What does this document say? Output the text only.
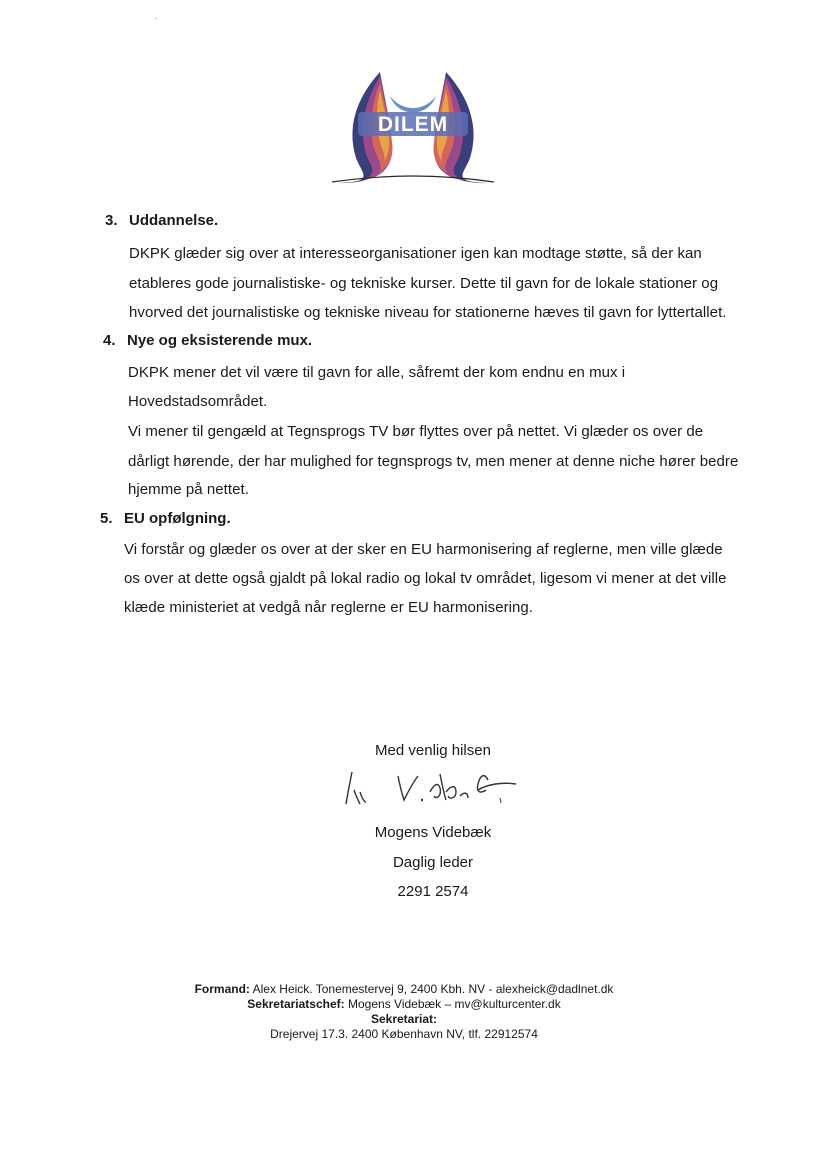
DILEM

3. Uddannelse.

DKPK glæder sig over at interesseorganisationer igen kan modtage støtte, så der kan

etableres gode journalistiske- og tekniske kurser. Dette til gavn for de lokale stationer og

hvorved det journalistiske og tekniske niveau for stationerne hæves til gavn for lyttertallet.

4. Nye og eksisterende mux.

DKPK mener det vil være til gavn for alle, såfremt der kom endnu en mux i

Hovedstadsområdet.

Vi mener til gengæld at Tegnsprogs TV bør flyttes over på nettet. Vi glæder os over de

dårligt hørende, der har mulighed for tegnsprogs tv, men mener at denne niche hører bedre

hjemme på nettet.

5. EU opfølgning.

Vi forstår og glæder os over at der sker en EU harmonisering af reglerne, men ville glæde

os over at dette også gjaldt på lokal radio og lokal tv området, ligesom vi mener at det ville

klæde ministeriet at vedgå når reglerne er EU harmonisering.

Med venlig hilsen

Mogens Videbæk

Daglig leder

2291 2574

Formand: Alex Heick. Tonemestervej 9, 2400 Kbh. NV - alexheick@dadlnet.dk

Sekretariatschef: Mogens Videbæk – mv@kulturcenter.dk

Sekretariat:

Drejervej 17.3. 2400 København NV, tlf. 22912574
